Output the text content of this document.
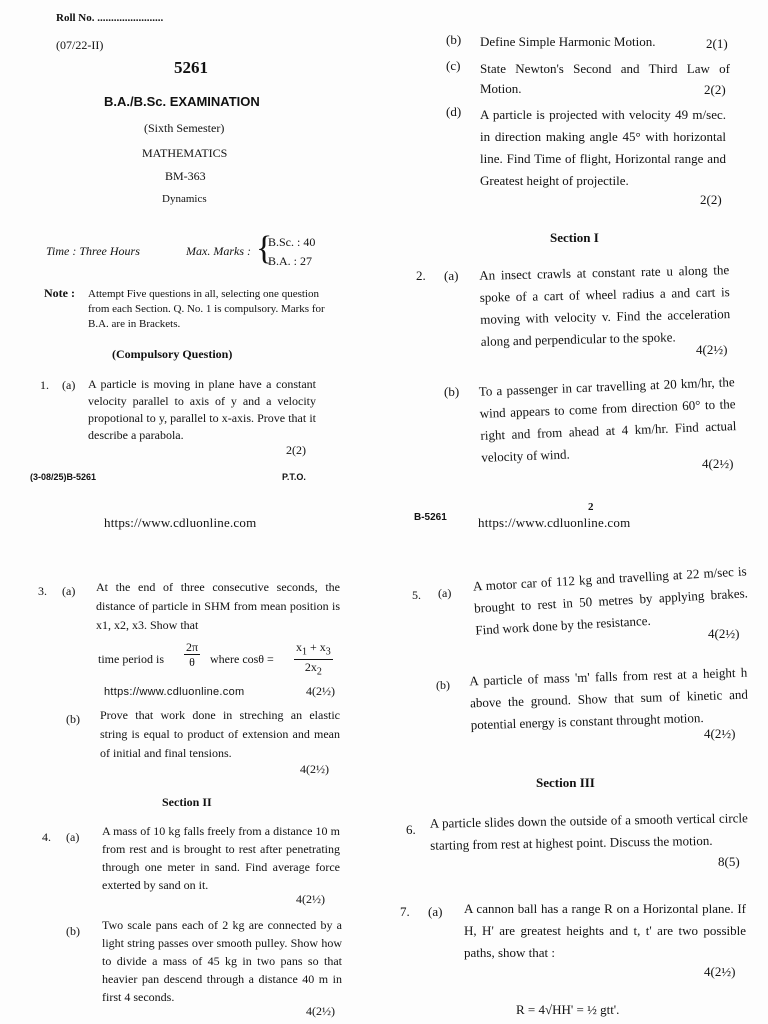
Roll No. ........................
(07/22-II)
5261
B.A./B.Sc. EXAMINATION
(Sixth Semester)
MATHEMATICS
BM-363
Dynamics
Time : Three Hours	Max. Marks : {
B.Sc. : 40
B.A. : 27
Note : Attempt Five questions in all, selecting one question from each Section. Q. No. 1 is compulsory. Marks for B.A. are in Brackets.
(Compulsory Question)
1. (a) A particle is moving in plane have a constant velocity parallel to axis of y and a velocity propotional to y, parallel to x-axis. Prove that it describe a parabola.
2(2)
(3-08/25)B-5261	P.T.O.
(b) Define Simple Harmonic Motion.	2(1)
(c) State Newton's Second and Third Law of Motion.	2(2)
(d) A particle is projected with velocity 49 m/sec. in direction making angle 45° with horizontal line. Find Time of flight, Horizontal range and Greatest height of projectile.
2(2)
Section I
2. (a) An insect crawls at constant rate u along the spoke of a cart of wheel radius a and cart is moving with velocity v. Find the acceleration along and perpendicular to the spoke.
4(2½)
(b) To a passenger in car travelling at 20 km/hr, the wind appears to come from direction 60° to the right and from ahead at 4 km/hr. Find actual velocity of wind.	4(2½)
https://www.cdluonline.com	B-5261
2
https://www.cdluonline.com
3. (a) At the end of three consecutive seconds, the distance of particle in SHM from mean position is x1, x2, x3. Show that
time period is $\frac{2\pi}{\theta}$ where $\cos\theta = \frac{x_1 + x_3}{2x_2}$
https://www.cdluonline.com	4(2½)
(b) Prove that work done in streching an elastic string is equal to product of extension and mean of initial and final tensions.
4(2½)
Section II
4. (a) A mass of 10 kg falls freely from a distance 10 m from rest and is brought to rest after penetrating through one meter in sand. Find average force exterted by sand on it.
4(2½)
(b) Two scale pans each of 2 kg are connected by a light string passes over smooth pulley. Show how to divide a mass of 45 kg in two pans so that heavier pan descend through a distance 40 m in first 4 seconds.
4(2½)
5. (a) A motor car of 112 kg and travelling at 22 m/sec is brought to rest in 50 metres by applying brakes. Find work done by the resistance.	4(2½)
(b) A particle of mass 'm' falls from rest at a height h above the ground. Show that sum of kinetic and potential energy is constant throught motion.
4(2½)
Section III
6. A particle slides down the outside of a smooth vertical circle starting from rest at highest point. Discuss the motion.
8(5)
7. (a) A cannon ball has a range R on a Horizontal plane. If H, H' are greatest heights and t, t' are two possible paths, show that :
4(2½)
R = 4√HH' = ½ gtt'.
